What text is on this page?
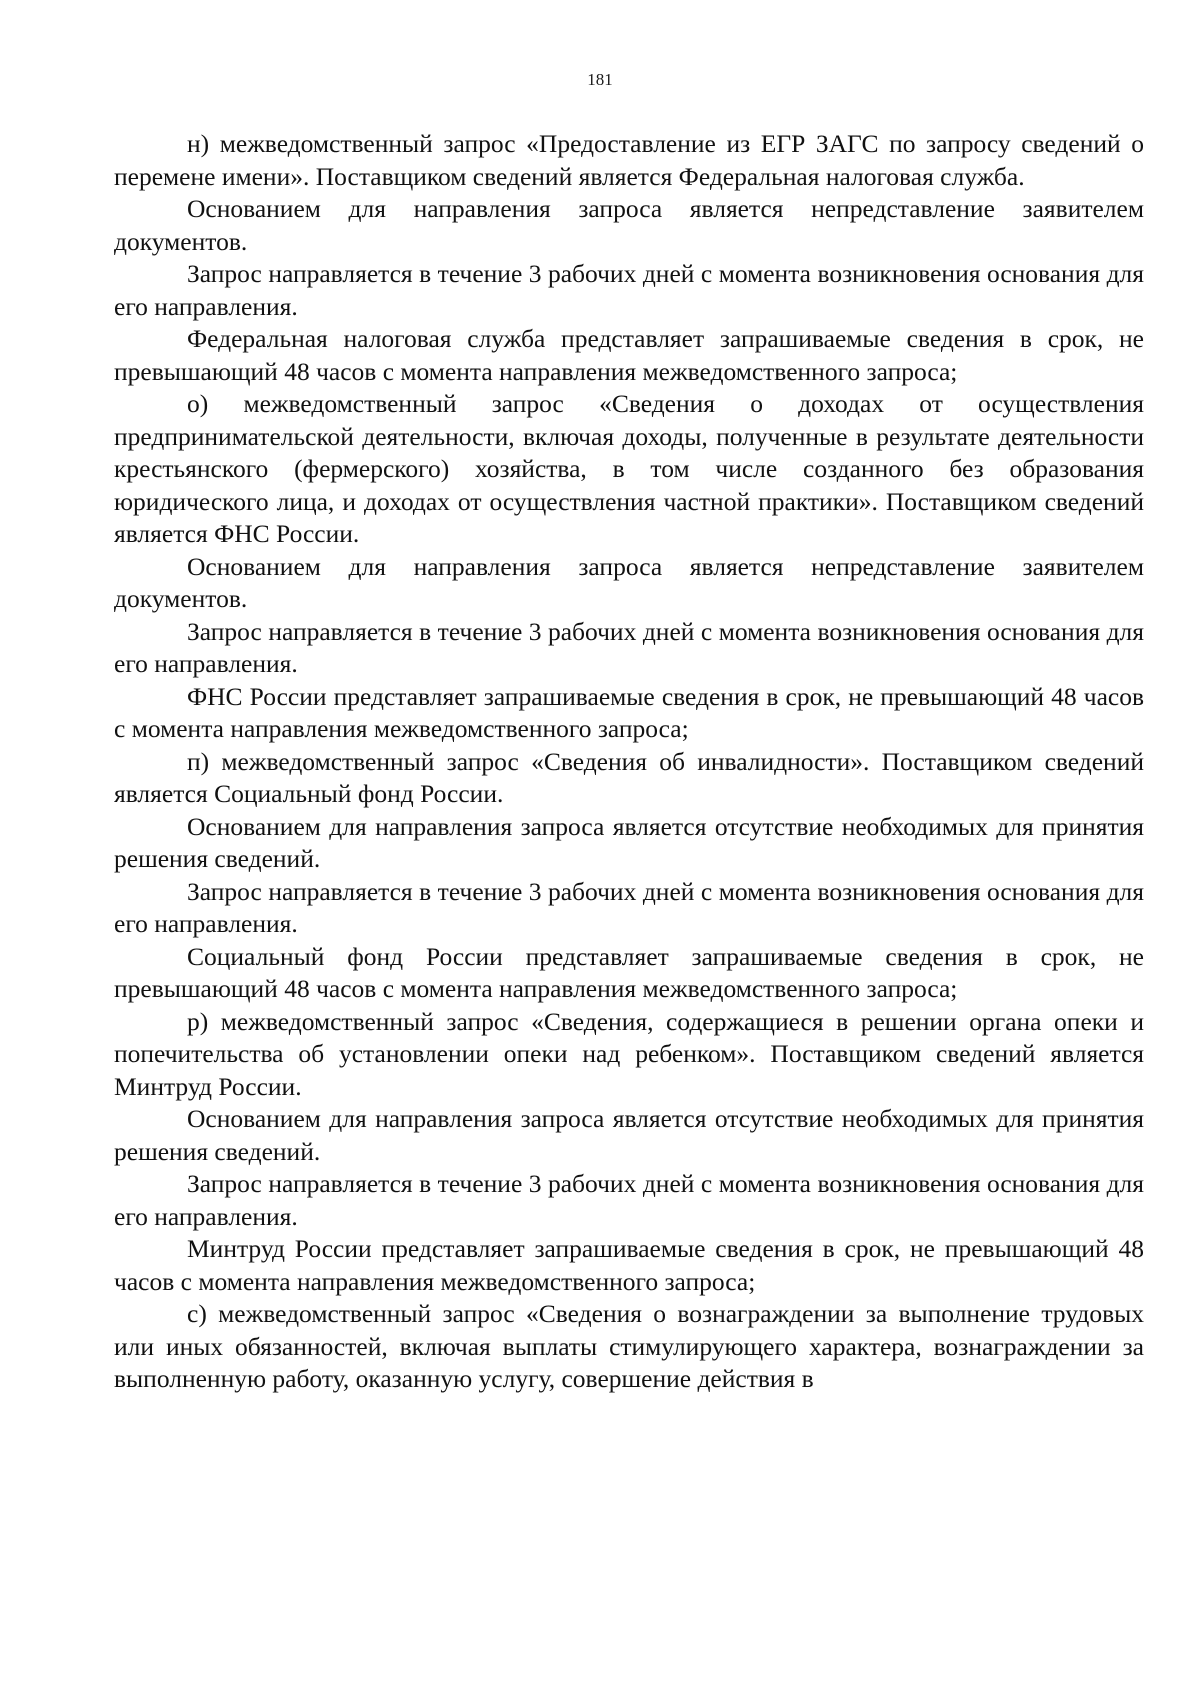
181

н) межведомственный запрос «Предоставление из ЕГР ЗАГС по запросу сведений о перемене имени». Поставщиком сведений является Федеральная налоговая служба.

Основанием для направления запроса является непредставление заявителем документов.

Запрос направляется в течение 3 рабочих дней с момента возникновения основания для его направления.

Федеральная налоговая служба представляет запрашиваемые сведения в срок, не превышающий 48 часов с момента направления межведомственного запроса;

о) межведомственный запрос «Сведения о доходах от осуществления предпринимательской деятельности, включая доходы, полученные в результате деятельности крестьянского (фермерского) хозяйства, в том числе созданного без образования юридического лица, и доходах от осуществления частной практики». Поставщиком сведений является ФНС России.

Основанием для направления запроса является непредставление заявителем документов.

Запрос направляется в течение 3 рабочих дней с момента возникновения основания для его направления.

ФНС России представляет запрашиваемые сведения в срок, не превышающий 48 часов с момента направления межведомственного запроса;

п) межведомственный запрос «Сведения об инвалидности». Поставщиком сведений является Социальный фонд России.

Основанием для направления запроса является отсутствие необходимых для принятия решения сведений.

Запрос направляется в течение 3 рабочих дней с момента возникновения основания для его направления.

Социальный фонд России представляет запрашиваемые сведения в срок, не превышающий 48 часов с момента направления межведомственного запроса;

р) межведомственный запрос «Сведения, содержащиеся в решении органа опеки и попечительства об установлении опеки над ребенком». Поставщиком сведений является Минтруд России.

Основанием для направления запроса является отсутствие необходимых для принятия решения сведений.

Запрос направляется в течение 3 рабочих дней с момента возникновения основания для его направления.

Минтруд России представляет запрашиваемые сведения в срок, не превышающий 48 часов с момента направления межведомственного запроса;

с) межведомственный запрос «Сведения о вознаграждении за выполнение трудовых или иных обязанностей, включая выплаты стимулирующего характера, вознаграждении за выполненную работу, оказанную услугу, совершение действия в
